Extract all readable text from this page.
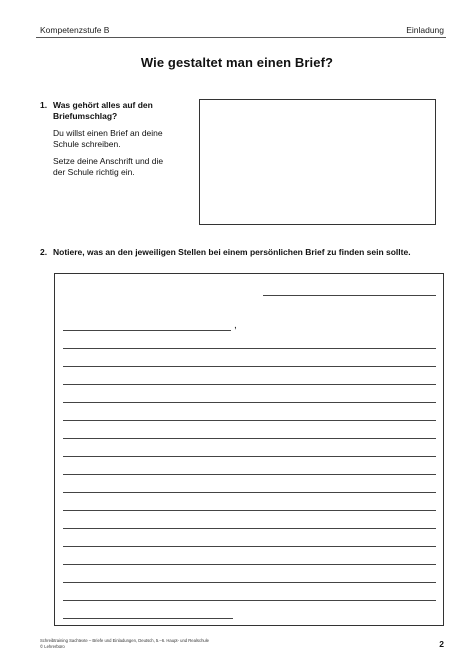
Kompetenzstufe B	Einladung
Wie gestaltet man einen Brief?
1. Was gehört alles auf den
Briefumschlag?
Du willst einen Brief an deine
Schule schreiben.
Setze deine Anschrift und die
der Schule richtig ein.
2. Notiere, was an den jeweiligen Stellen bei einem persönlichen Brief zu finden sein sollte.
,
Schreibtraining Sachtexte – Briefe und Einladungen, Deutsch, 5.–6. Haupt- und Realschule
© Lehrerbüro	2
